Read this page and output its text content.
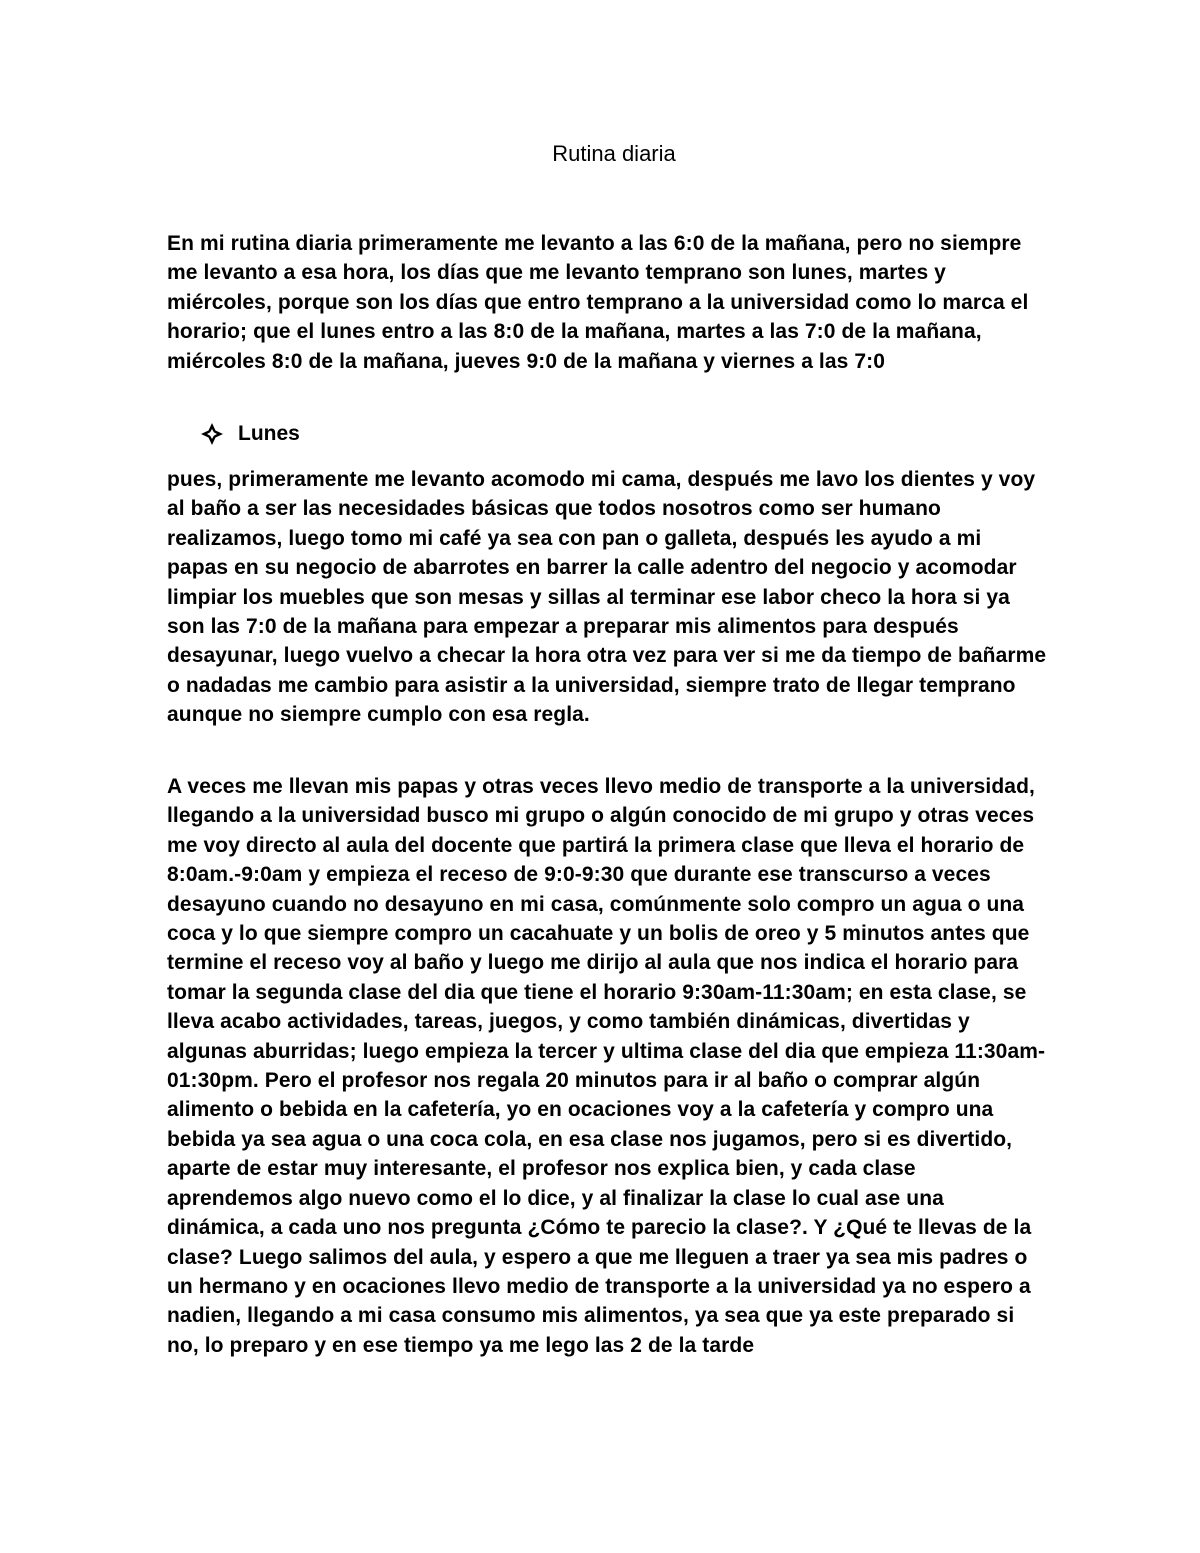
Rutina diaria

En mi rutina diaria primeramente me levanto a las 6:0 de la mañana, pero no siempre me levanto a esa hora, los días que me levanto temprano son lunes, martes y miércoles, porque son los días que entro temprano a la universidad como lo marca el horario; que el lunes entro a las 8:0 de la mañana, martes a las 7:0 de la mañana, miércoles 8:0 de la mañana, jueves 9:0 de la mañana y viernes a las 7:0

Lunes

pues, primeramente me levanto acomodo mi cama, después me lavo los dientes y voy al baño a ser las necesidades básicas que todos nosotros como ser humano realizamos, luego tomo mi café ya sea con pan o galleta, después les ayudo a mi papas en su negocio de abarrotes en barrer la calle adentro del negocio y acomodar limpiar los muebles que son mesas y sillas al terminar ese labor checo la hora si ya son las 7:0 de la mañana para empezar a preparar mis alimentos para después desayunar, luego vuelvo a checar la hora otra vez para ver si me da tiempo de bañarme o nadadas me cambio para asistir a la universidad, siempre trato de llegar temprano aunque no siempre cumplo con esa regla.

A veces me llevan mis papas y otras veces llevo medio de transporte a la universidad, llegando a la universidad busco mi grupo o algún conocido de mi grupo y otras veces me voy directo al aula del docente que partirá la primera clase que lleva el horario de 8:0am.-9:0am y empieza el receso de 9:0-9:30 que durante ese transcurso a veces desayuno cuando no desayuno en mi casa, comúnmente solo compro un agua o una coca y lo que siempre compro un cacahuate y un bolis de oreo y 5 minutos antes que termine el receso voy al baño y luego me dirijo al aula que nos indica el horario para tomar la segunda clase del dia que tiene el horario 9:30am-11:30am; en esta clase, se lleva acabo actividades, tareas, juegos, y como también dinámicas, divertidas y algunas aburridas; luego empieza la tercer y ultima clase del dia que empieza 11:30am-01:30pm. Pero el profesor nos regala 20 minutos para ir al baño o comprar algún alimento o bebida en la cafetería, yo en ocaciones voy a la cafetería y compro una bebida ya sea agua o una coca cola, en esa clase nos jugamos, pero si es divertido, aparte de estar muy interesante, el profesor nos explica bien, y cada clase aprendemos algo nuevo como el lo dice, y al finalizar la clase lo cual ase una dinámica, a cada uno nos pregunta ¿Cómo te parecio la clase?. Y ¿Qué te llevas de la clase? Luego salimos del aula, y espero a que me lleguen a traer ya sea mis padres o un hermano y en ocaciones llevo medio de transporte a la universidad ya no espero a nadien, llegando a mi casa consumo mis alimentos, ya sea que ya este preparado si no, lo preparo y en ese tiempo ya me lego las 2 de la tarde
